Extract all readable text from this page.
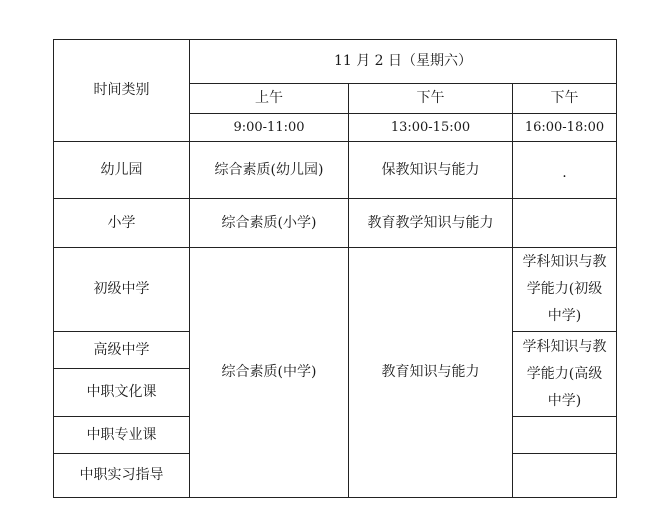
时间类别	11 月 2 日（星期六）		
	上午	下午	下午
	9:00-11:00	13:00-15:00	16:00-18:00
幼儿园	综合素质(幼儿园)	保教知识与能力	.
小学	综合素质(小学)	教育教学知识与能力	
初级中学	综合素质(中学)	教育知识与能力	学科知识与教学能力(初级中学)

高级中学			学科知识与教学能力(高级中学)

中职文化课			
中职专业课			
中职实习指导			
